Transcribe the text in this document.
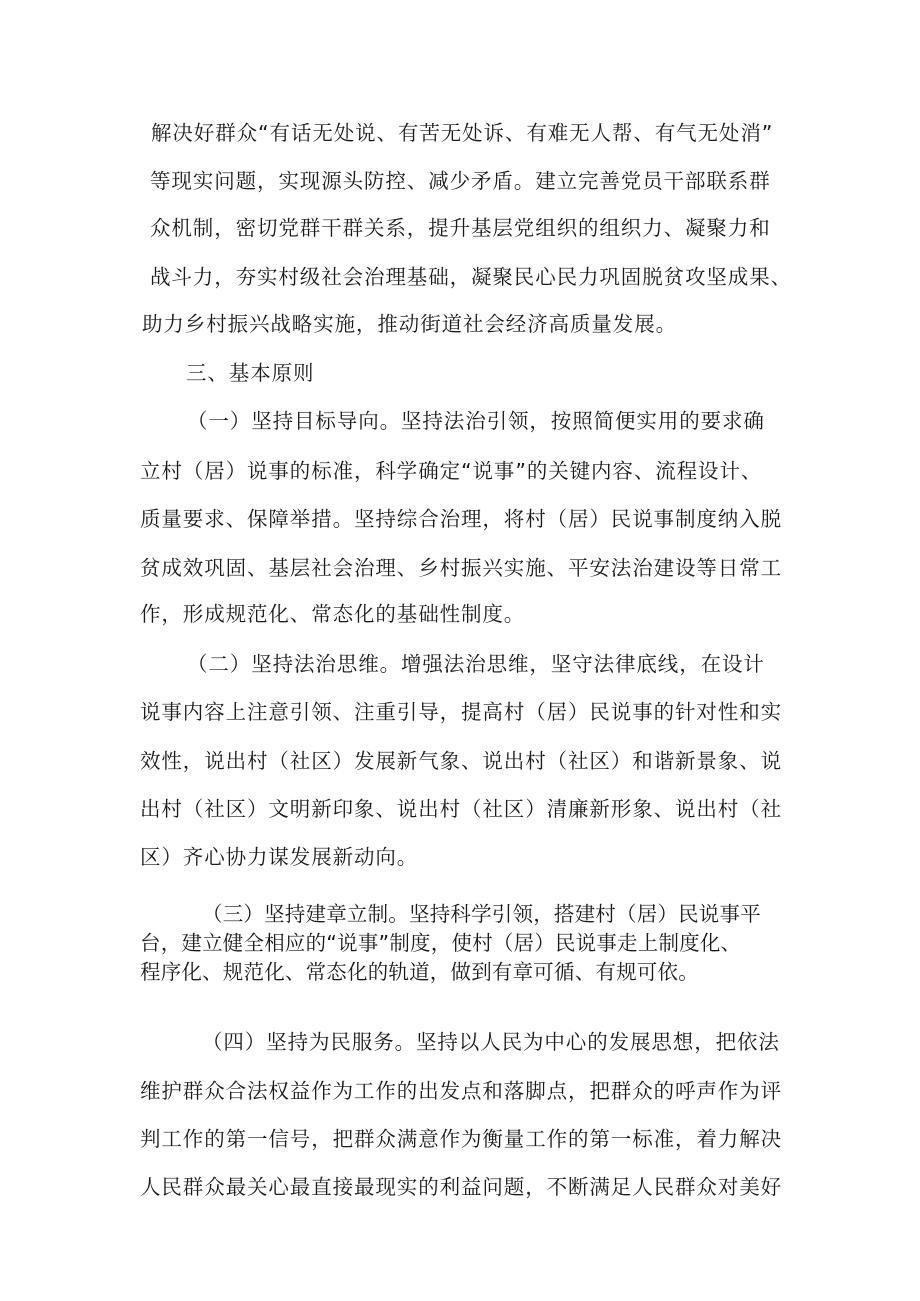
解决好群众“有话无处说、有苦无处诉、有难无人帮、有气无处消”
等现实问题，实现源头防控、减少矛盾。建立完善党员干部联系群
众机制，密切党群干群关系，提升基层党组织的组织力、凝聚力和
战斗力，夯实村级社会治理基础，凝聚民心民力巩固脱贫攻坚成果、
助力乡村振兴战略实施，推动街道社会经济高质量发展。
三、基本原则
（一）坚持目标导向。坚持法治引领，按照简便实用的要求确
立村（居）说事的标准，科学确定“说事”的关键内容、流程设计、
质量要求、保障举措。坚持综合治理，将村（居）民说事制度纳入脱
贫成效巩固、基层社会治理、乡村振兴实施、平安法治建设等日常工
作，形成规范化、常态化的基础性制度。
（二）坚持法治思维。增强法治思维，坚守法律底线，在设计
说事内容上注意引领、注重引导，提高村（居）民说事的针对性和实
效性，说出村（社区）发展新气象、说出村（社区）和谐新景象、说
出村（社区）文明新印象、说出村（社区）清廉新形象、说出村（社
区）齐心协力谋发展新动向。
（三）坚持建章立制。坚持科学引领，搭建村（居）民说事平
台，建立健全相应的“说事”制度，使村（居）民说事走上制度化、
程序化、规范化、常态化的轨道，做到有章可循、有规可依。
（四）坚持为民服务。坚持以人民为中心的发展思想，把依法
维护群众合法权益作为工作的出发点和落脚点，把群众的呼声作为评
判工作的第一信号，把群众满意作为衡量工作的第一标准，着力解决
人民群众最关心最直接最现实的利益问题，不断满足人民群众对美好
